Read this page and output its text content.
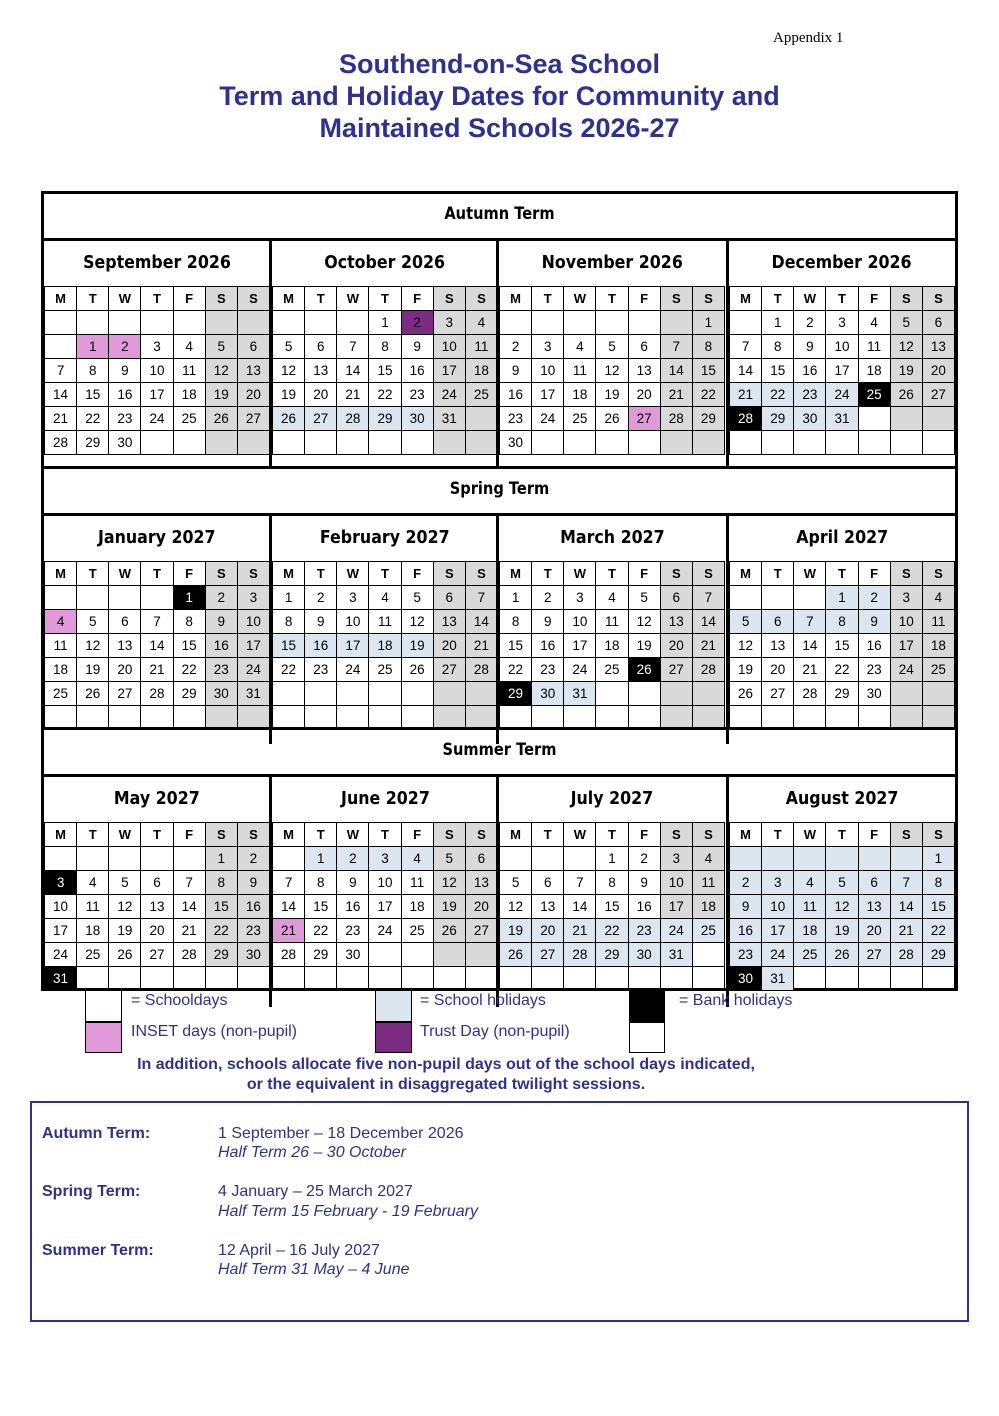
Appendix 1
Southend-on-Sea School
Term and Holiday Dates for Community and
Maintained Schools 2026-27
Autumn Term
September 2026
M	T	W	T	F	S	S

	1	2	3	4	5	6
7	8	9	10	11	12	13
14	15	16	17	18	19	20
21	22	23	24	25	26	27
28	29	30				
October 2026
M	T	W	T	F	S	S
			1	2	3	4
5	6	7	8	9	10	11
12	13	14	15	16	17	18
19	20	21	22	23	24	25
26	27	28	29	30	31	

November 2026
M	T	W	T	F	S	S
						1
2	3	4	5	6	7	8
9	10	11	12	13	14	15
16	17	18	19	20	21	22
23	24	25	26	27	28	29
30						
December 2026
M	T	W	T	F	S	S
	1	2	3	4	5	6
7	8	9	10	11	12	13
14	15	16	17	18	19	20
21	22	23	24	25	26	27
28	29	30	31			

Spring Term
January 2027
M	T	W	T	F	S	S
				1	2	3
4	5	6	7	8	9	10
11	12	13	14	15	16	17
18	19	20	21	22	23	24
25	26	27	28	29	30	31

February 2027
M	T	W	T	F	S	S
1	2	3	4	5	6	7
8	9	10	11	12	13	14
15	16	17	18	19	20	21
22	23	24	25	26	27	28

March 2027
M	T	W	T	F	S	S
1	2	3	4	5	6	7
8	9	10	11	12	13	14
15	16	17	18	19	20	21
22	23	24	25	26	27	28
29	30	31				

April 2027
M	T	W	T	F	S	S
			1	2	3	4
5	6	7	8	9	10	11
12	13	14	15	16	17	18
19	20	21	22	23	24	25
26	27	28	29	30		

Summer Term
May 2027
M	T	W	T	F	S	S
					1	2
3	4	5	6	7	8	9
10	11	12	13	14	15	16
17	18	19	20	21	22	23
24	25	26	27	28	29	30
31						
June 2027
M	T	W	T	F	S	S
	1	2	3	4	5	6
7	8	9	10	11	12	13
14	15	16	17	18	19	20
21	22	23	24	25	26	27
28	29	30				

July 2027
M	T	W	T	F	S	S
			1	2	3	4
5	6	7	8	9	10	11
12	13	14	15	16	17	18
19	20	21	22	23	24	25
26	27	28	29	30	31	

August 2027
M	T	W	T	F	S	S
						1
2	3	4	5	6	7	8
9	10	11	12	13	14	15
16	17	18	19	20	21	22
23	24	25	26	27	28	29
30	31					
= Schooldays
INSET days (non-pupil)
= School holidays
Trust Day (non-pupil)
= Bank holidays
In addition, schools allocate five non-pupil days out of the school days indicated,
or the equivalent in disaggregated twilight sessions.
Autumn Term:	1 September – 18 December 2026
Half Term 26 – 30 October
Spring Term:	4 January – 25 March 2027
Half Term 15 February - 19 February
Summer Term:	12 April – 16 July 2027
Half Term 31 May – 4 June
